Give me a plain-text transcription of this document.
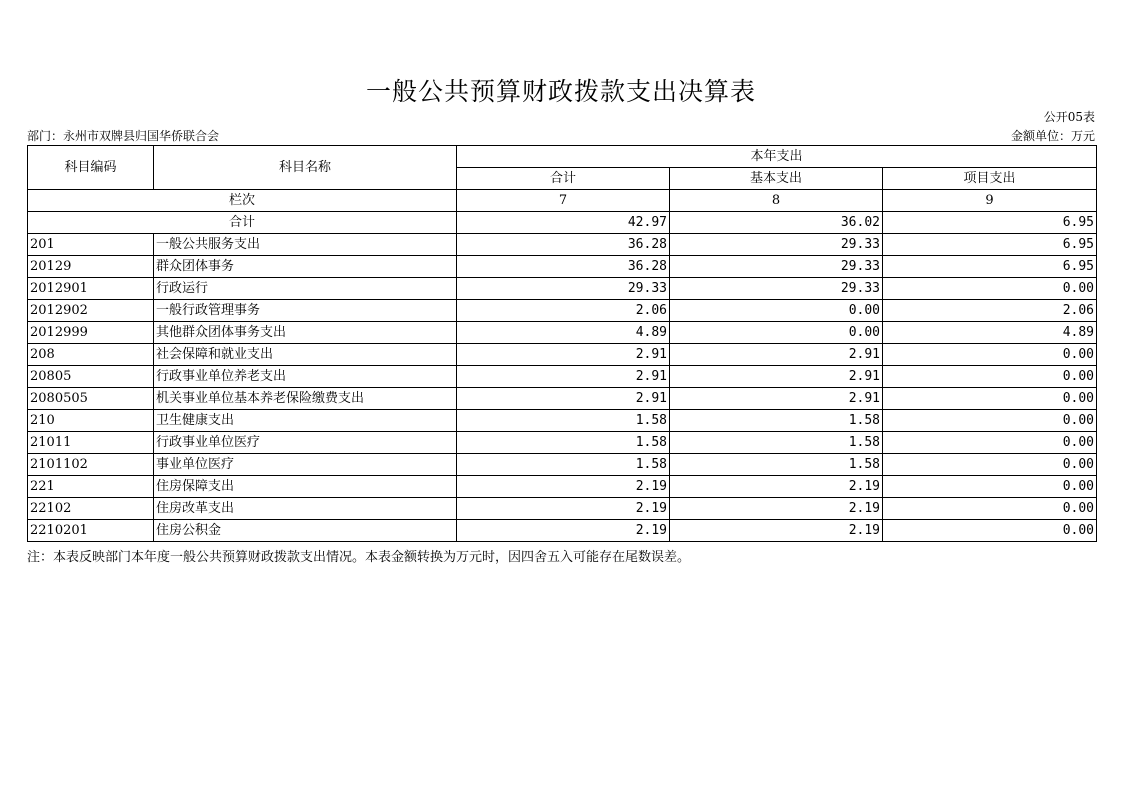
一般公共预算财政拨款支出决算表
公开05表
部门：永州市双牌县归国华侨联合会	金额单位：万元
科目编码	科目名称	本年支出		
		合计	基本支出	项目支出
栏次		7	8	9
合计		42.97	36.02	6.95
201	一般公共服务支出	36.28	29.33	6.95
20129	群众团体事务	36.28	29.33	6.95
2012901	行政运行	29.33	29.33	0.00
2012902	一般行政管理事务	2.06	0.00	2.06
2012999	其他群众团体事务支出	4.89	0.00	4.89
208	社会保障和就业支出	2.91	2.91	0.00
20805	行政事业单位养老支出	2.91	2.91	0.00
2080505	机关事业单位基本养老保险缴费支出	2.91	2.91	0.00
210	卫生健康支出	1.58	1.58	0.00
21011	行政事业单位医疗	1.58	1.58	0.00
2101102	事业单位医疗	1.58	1.58	0.00
221	住房保障支出	2.19	2.19	0.00
22102	住房改革支出	2.19	2.19	0.00
2210201	住房公积金	2.19	2.19	0.00
注：本表反映部门本年度一般公共预算财政拨款支出情况。本表金额转换为万元时，因四舍五入可能存在尾数误差。
